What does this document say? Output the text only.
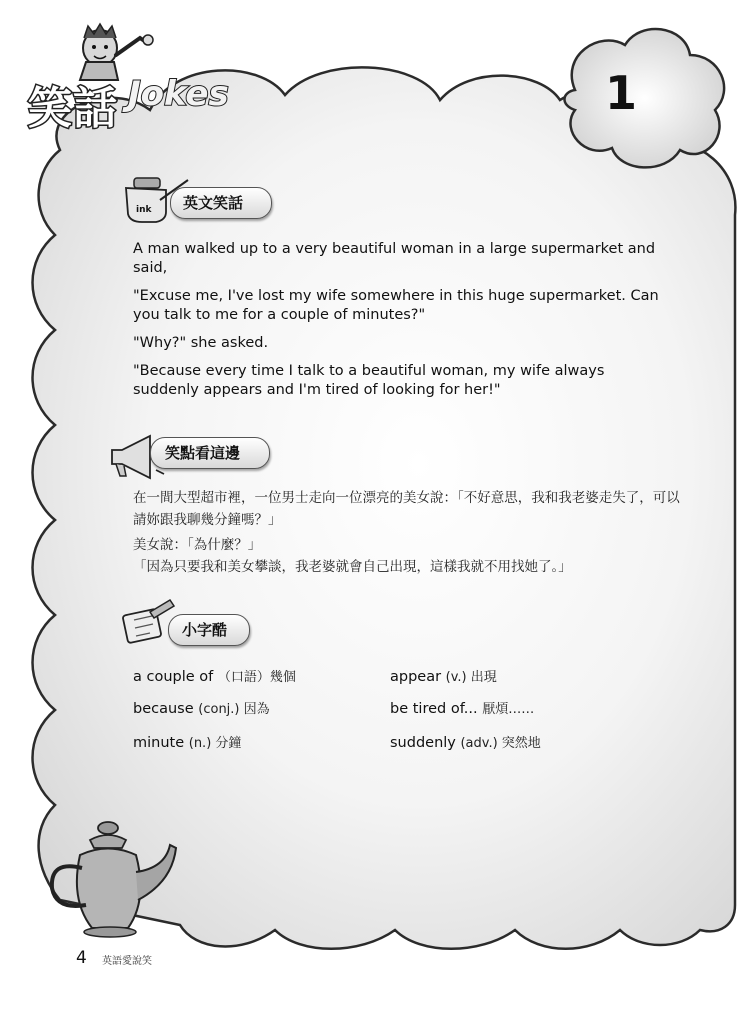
ink
笑話 Jokes	1
英文笑話
A man walked up to a very beautiful woman in a large supermarket and said,
"Excuse me, I've lost my wife somewhere in this huge supermarket. Can you talk to me for a couple of minutes?"
"Why?" she asked.
"Because every time I talk to a beautiful woman, my wife always suddenly appears and I'm tired of looking for her!"
笑點看這邊
在一間大型超市裡，一位男士走向一位漂亮的美女說：「不好意思，我和我老婆走失了，可以請妳跟我聊幾分鐘嗎？」
美女說：「為什麼？」
「因為只要我和美女攀談，我老婆就會自己出現，這樣我就不用找她了。」
小字酷
a couple of （口語）幾個	appear (v.) 出現
because (conj.) 因為	be tired of... 厭煩……
minute (n.) 分鐘	suddenly (adv.) 突然地
4 英語愛說笑
